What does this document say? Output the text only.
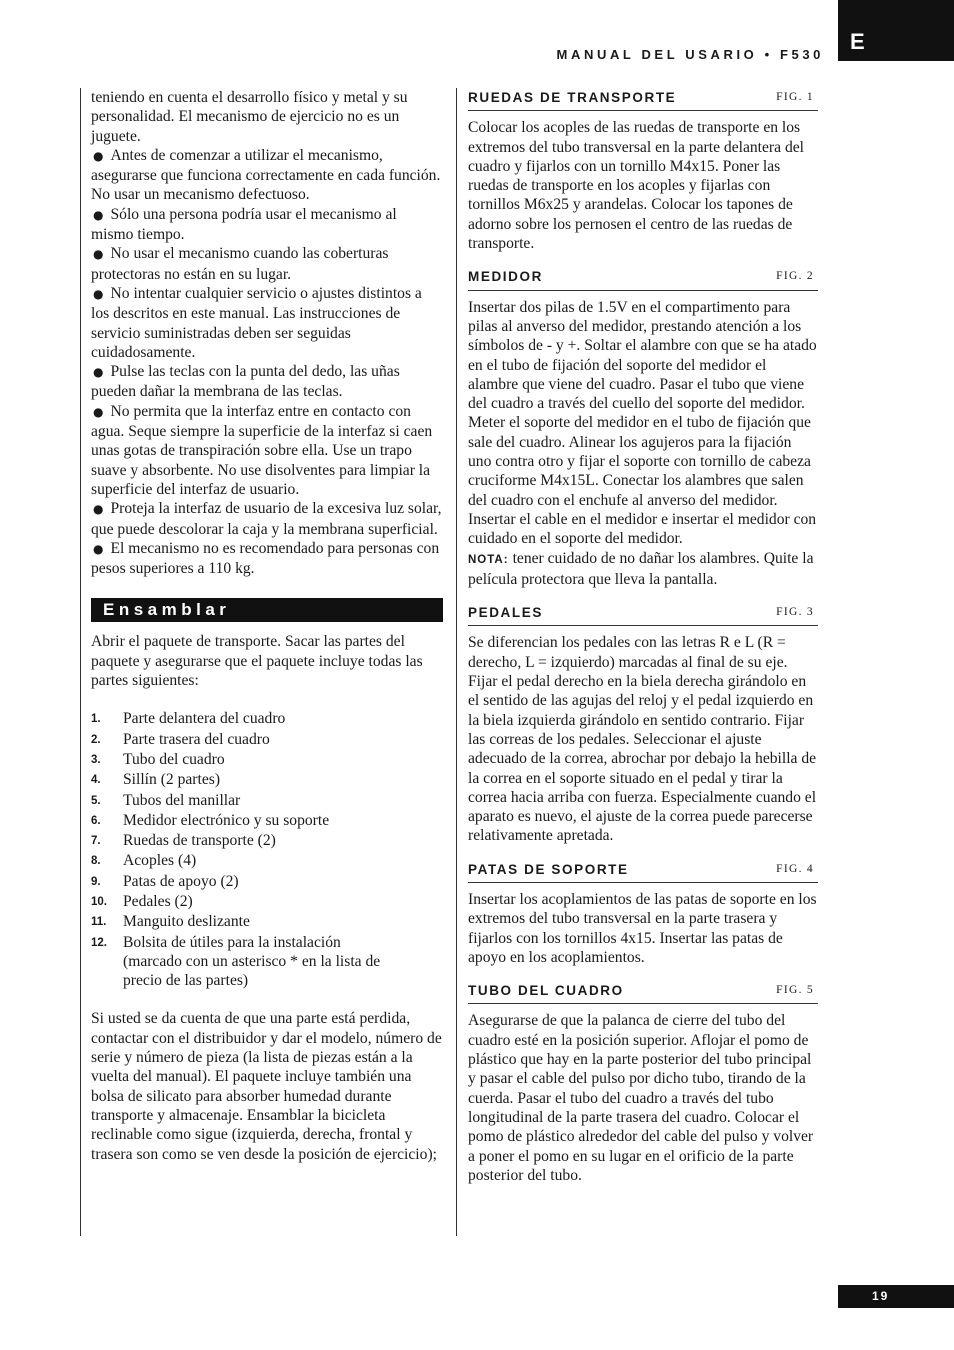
E
MANUAL DEL USARIO • F530

teniendo en cuenta el desarrollo físico y metal y su personalidad. El mecanismo de ejercicio no es un juguete.

● Antes de comenzar a utilizar el mecanismo, asegurarse que funciona correctamente en cada función. No usar un mecanismo defectuoso.

● Sólo una persona podría usar el mecanismo al mismo tiempo.

● No usar el mecanismo cuando las coberturas protectoras no están en su lugar.

● No intentar cualquier servicio o ajustes distintos a los descritos en este manual. Las instrucciones de servicio suministradas deben ser seguidas cuidadosamente.

● Pulse las teclas con la punta del dedo, las uñas pueden dañar la membrana de las teclas.

● No permita que la interfaz entre en contacto con agua. Seque siempre la superficie de la interfaz si caen unas gotas de transpiración sobre ella. Use un trapo suave y absorbente. No use disolventes para limpiar la superficie del interfaz de usuario.

● Proteja la interfaz de usuario de la excesiva luz solar, que puede descolorar la caja y la membrana superficial.

● El mecanismo no es recomendado para personas con pesos superiores a 110 kg.

Ensamblar

Abrir el paquete de transporte. Sacar las partes del paquete y asegurarse que el paquete incluye todas las partes siguientes:

1.	Parte delantera del cuadro
2.	Parte trasera del cuadro
3.	Tubo del cuadro
4.	Sillín (2 partes)
5.	Tubos del manillar
6.	Medidor electrónico y su soporte
7.	Ruedas de transporte (2)
8.	Acoples (4)
9.	Patas de apoyo (2)
10.	Pedales (2)
11.	Manguito deslizante
12.	Bolsita de útiles para la instalación (marcado con un asterisco * en la lista de precio de las partes)

Si usted se da cuenta de que una parte está perdida, contactar con el distribuidor y dar el modelo, número de serie y número de pieza (la lista de piezas están a la vuelta del manual). El paquete incluye también una bolsa de silicato para absorber humedad durante transporte y almacenaje. Ensamblar la bicicleta reclinable como sigue (izquierda, derecha, frontal y trasera son como se ven desde la posición de ejercicio);

RUEDAS DE TRANSPORTE	FIG. 1

Colocar los acoples de las ruedas de transporte en los extremos del tubo transversal en la parte delantera del cuadro y fijarlos con un tornillo M4x15. Poner las ruedas de transporte en los acoples y fijarlas con tornillos M6x25 y arandelas. Colocar los tapones de adorno sobre los pernosen el centro de las ruedas de transporte.

MEDIDOR	FIG. 2

Insertar dos pilas de 1.5V en el compartimento para pilas al anverso del medidor, prestando atención a los símbolos de - y +. Soltar el alambre con que se ha atado en el tubo de fijación del soporte del medidor el alambre que viene del cuadro. Pasar el tubo que viene del cuadro a través del cuello del soporte del medidor. Meter el soporte del medidor en el tubo de fijación que sale del cuadro. Alinear los agujeros para la fijación uno contra otro y fijar el soporte con tornillo de cabeza cruciforme M4x15L. Conectar los alambres que salen del cuadro con el enchufe al anverso del medidor. Insertar el cable en el medidor e insertar el medidor con cuidado en el soporte del medidor.

NOTA: tener cuidado de no dañar los alambres. Quite la película protectora que lleva la pantalla.

PEDALES	FIG. 3

Se diferencian los pedales con las letras R e L (R = derecho, L = izquierdo) marcadas al final de su eje. Fijar el pedal derecho en la biela derecha girándolo en el sentido de las agujas del reloj y el pedal izquierdo en la biela izquierda girándolo en sentido contrario. Fijar las correas de los pedales. Seleccionar el ajuste adecuado de la correa, abrochar por debajo la hebilla de la correa en el soporte situado en el pedal y tirar la correa hacia arriba con fuerza. Especialmente cuando el aparato es nuevo, el ajuste de la correa puede parecerse relativamente apretada.

PATAS DE SOPORTE	FIG. 4

Insertar los acoplamientos de las patas de soporte en los extremos del tubo transversal en la parte trasera y fijarlos con los tornillos 4x15. Insertar las patas de apoyo en los acoplamientos.

TUBO DEL CUADRO	FIG. 5

Asegurarse de que la palanca de cierre del tubo del cuadro esté en la posición superior. Aflojar el pomo de plástico que hay en la parte posterior del tubo principal y pasar el cable del pulso por dicho tubo, tirando de la cuerda. Pasar el tubo del cuadro a través del tubo longitudinal de la parte trasera del cuadro. Colocar el pomo de plástico alrededor del cable del pulso y volver a poner el pomo en su lugar en el orificio de la parte posterior del tubo.

19
